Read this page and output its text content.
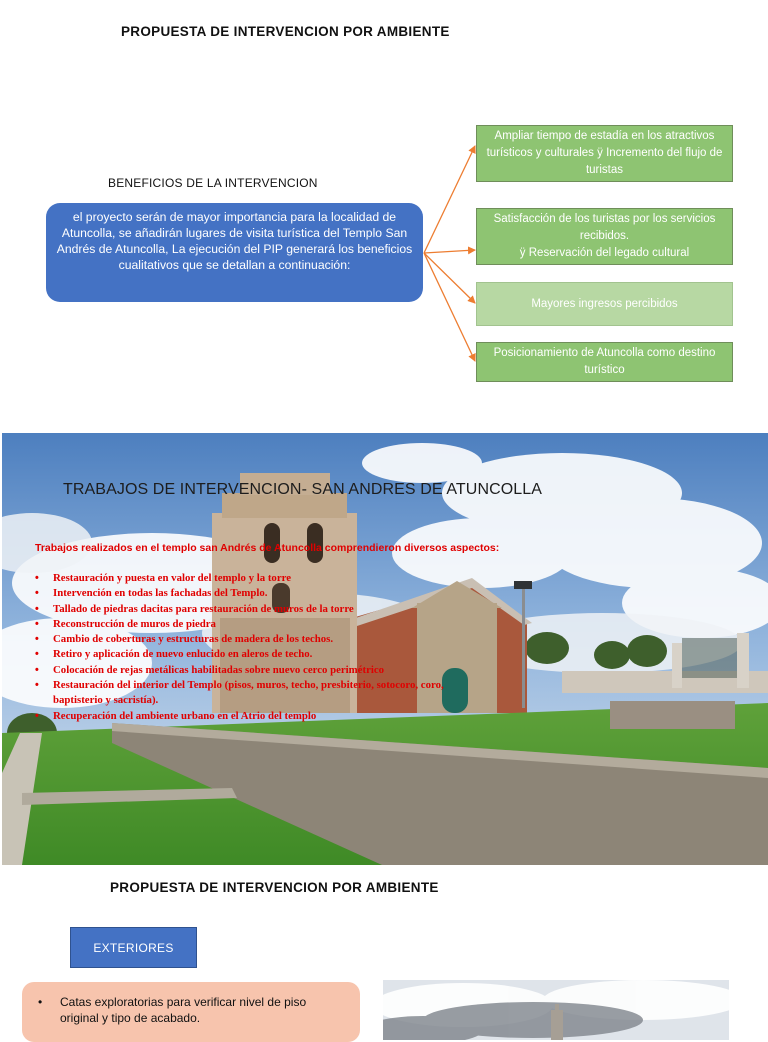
PROPUESTA DE INTERVENCION POR AMBIENTE
BENEFICIOS DE LA INTERVENCION
el proyecto serán de mayor importancia para la localidad de Atuncolla, se añadirán lugares de visita turística del Templo San Andrés de Atuncolla, La ejecución del PIP generará los beneficios cualitativos que se detallan a continuación:
Ampliar tiempo de estadía en los atractivos turísticos y culturales ÿ Incremento del flujo de turistas
Satisfacción de los turistas por los servicios recibidos.
ÿ Reservación del legado cultural
Mayores ingresos percibidos
Posicionamiento de Atuncolla como destino turístico
TRABAJOS DE INTERVENCION- SAN ANDRES DE ATUNCOLLA
Trabajos realizados en el templo san Andrés de Atuncolla comprendieron diversos aspectos:
• Restauración y puesta en valor del templo y la torre
• Intervención en todas las fachadas del Templo.
• Tallado de piedras dacitas para restauración de muros de la torre
• Reconstrucción de muros de piedra
• Cambio de coberturas y estructuras de madera de los techos.
• Retiro y aplicación de nuevo enlucido en aleros de techo.
• Colocación de rejas metálicas habilitadas sobre nuevo cerco perimétrico
• Restauración del interior del Templo (pisos, muros, techo, presbiterio, sotocoro, coro, baptisterio y sacristía).
• Recuperación del ambiente urbano en el Atrio del templo
PROPUESTA DE INTERVENCION POR AMBIENTE
EXTERIORES
• Catas exploratorias para verificar nivel de piso original y tipo de acabado.
